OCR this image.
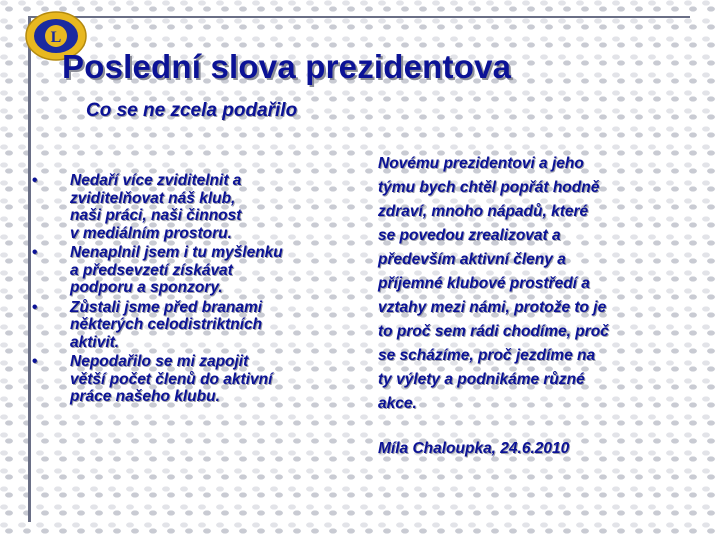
L
Poslední slova prezidentova
Co se ne zcela podařilo
• Nedaří více zviditelnit a
zviditelňovat náš klub,
naši práci, naši činnost
v mediálním prostoru.
• Nenaplnil jsem i tu myšlenku
a předsevzetí získávat
podporu a sponzory.
• Zůstali jsme před branami
některých celodistriktních
aktivit.
• Nepodařilo se mi zapojit
větší počet členů do aktivní
práce našeho klubu.
Novému prezidentovi a jeho
týmu bych chtěl popřát hodně
zdraví, mnoho nápadů, které
se povedou zrealizovat a
především aktivní členy a
příjemné klubové prostředí a
vztahy mezi námi, protože to je
to proč sem rádi chodíme, proč
se scházíme, proč jezdíme na
ty výlety a podnikáme různé
akce.
Míla Chaloupka, 24.6.2010
